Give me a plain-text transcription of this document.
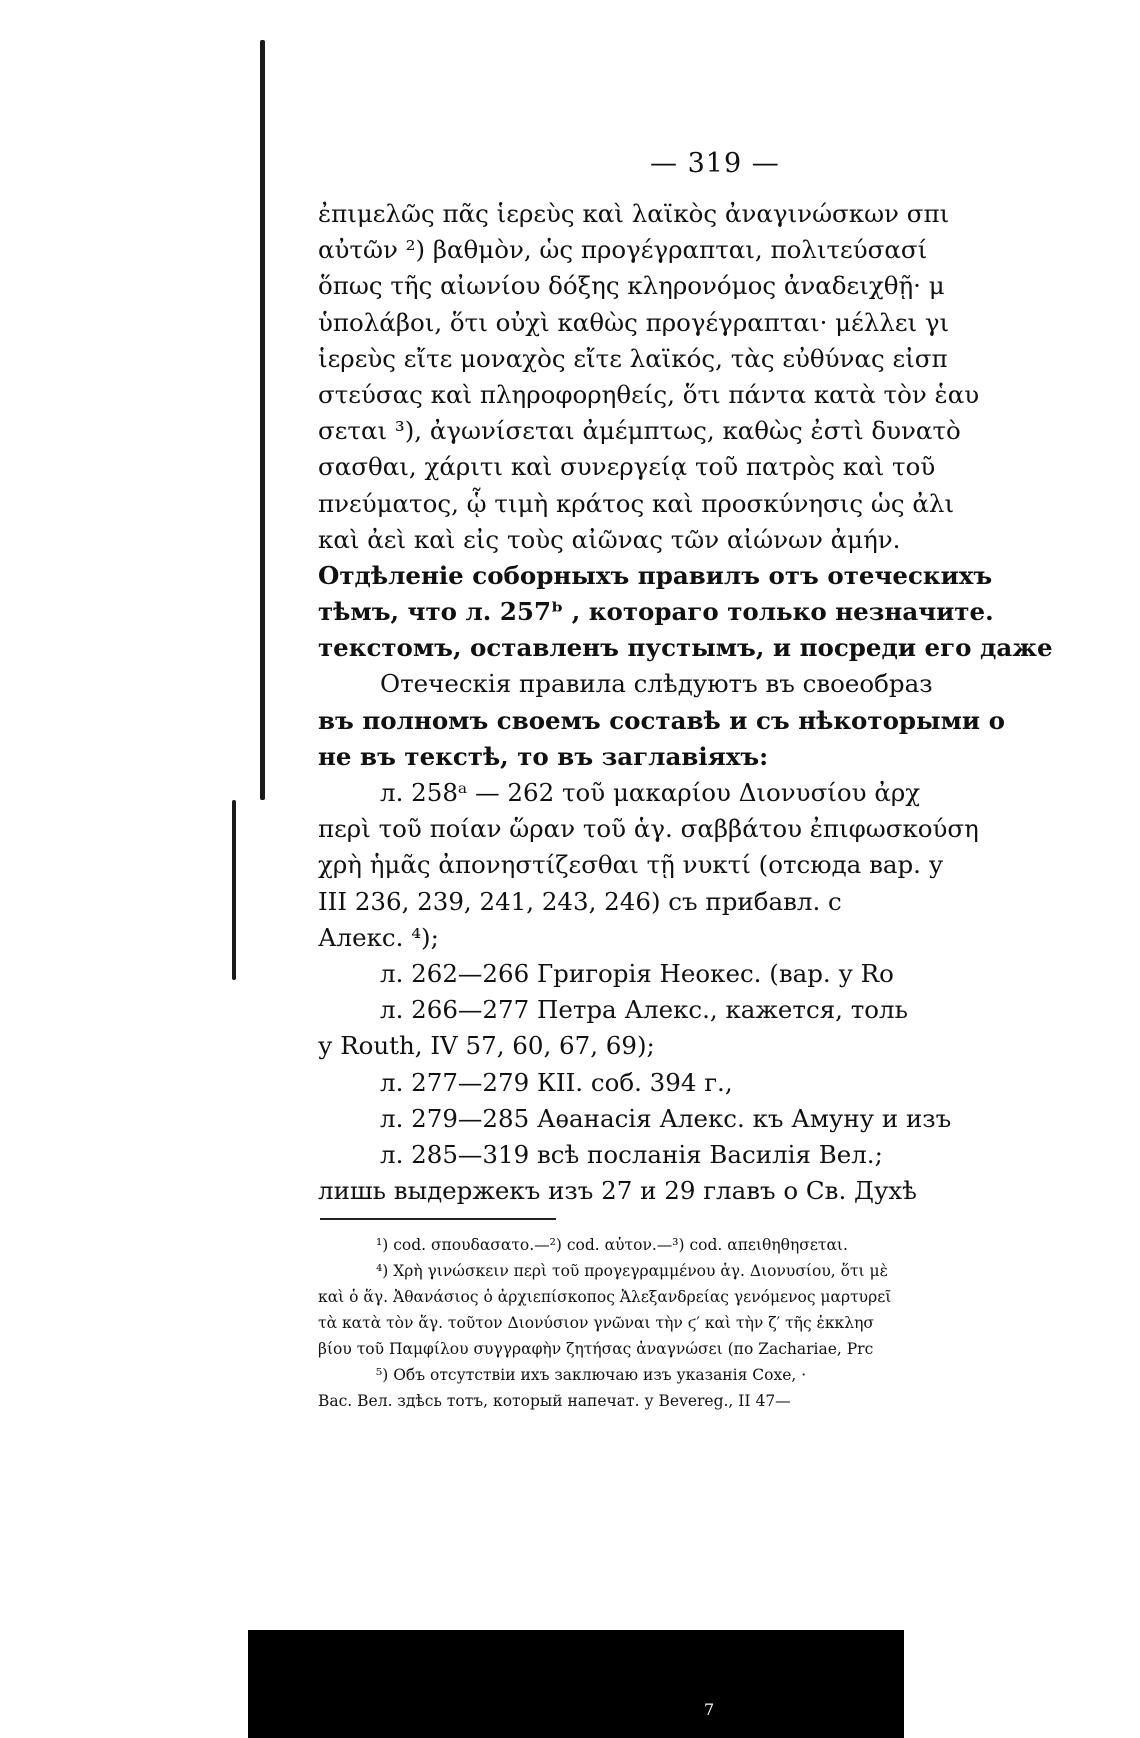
— 319 —
ἐπιμελῶς πᾶς ἱερεὺς καὶ λαϊκὸς ἀναγινώσκων σπι
αὐτῶν ²) βαθμὸν, ὡς προγέγραπται, πολιτεύσασί
ὅπως τῆς αἰωνίου δόξης κληρονόμος ἀναδειχθῇ· μ
ὑπολάβοι, ὅτι οὐχὶ καθὼς προγέγραπται· μέλλει γι
ἱερεὺς εἴτε μοναχὸς εἴτε λαϊκός, τὰς εὐθύνας εἰσπ
στεύσας καὶ πληροφορηθείς, ὅτι πάντα κατὰ τὸν ἑαυ
σεται ³), ἀγωνίσεται ἀμέμπτως, καθὼς ἐστὶ δυνατὸ
σασθαι, χάριτι καὶ συνεργείᾳ τοῦ πατρὸς καὶ τοῦ
πνεύματος, ᾧ τιμὴ κράτος καὶ προσκύνησις ὡς ἀλι
καὶ ἀεὶ καὶ εἰς τοὺς αἰῶνας τῶν αἰώνων ἀμήν.
Отдѣленіе соборныхъ правилъ отъ отеческихъ
тѣмъ, что л. 257ᵇ , котораго только незначите.
текстомъ, оставленъ пустымъ, и посреди его даже
Отеческія правила слѣдуютъ въ своеобраз
въ полномъ своемъ составѣ и съ нѣкоторыми о
не въ текстѣ, то въ заглавіяхъ:
л. 258ᵃ — 262 τοῦ μακαρίου Διονυσίου ἀρχ
περὶ τοῦ ποίαν ὥραν τοῦ ἁγ. σαββάτου ἐπιφωσκούση
χρὴ ἡμᾶς ἀπονηστίζεσθαι τῇ νυκτί (отсюда вар. у
III 236, 239, 241, 243, 246) съ прибавл. с
Алекс. ⁴);
л. 262—266 Григорія Неокес. (вар. у Ro
л. 266—277 Петра Алекс., кажется, толь
у Routh, IV 57, 60, 67, 69);
л. 277—279 КII. соб. 394 г.,
л. 279—285 Аѳанасія Алекс. къ Амуну и изъ
л. 285—319 всѣ посланія Василія Вел.;
лишь выдержекъ изъ 27 и 29 главъ о Св. Духѣ
¹) cod. σπουδασατο.—²) cod. αὐτον.—³) cod. απειθηθησεται.
⁴) Χρὴ γινώσκειν περὶ τοῦ προγεγραμμένου ἁγ. Διονυσίου, ὅτι μὲ
καὶ ὁ ἅγ. Ἀθανάσιος ὁ ἀρχιεπίσκοπος Ἀλεξανδρείας γενόμενος μαρτυρεῖ
τὰ κατὰ τὸν ἅγ. τοῦτον Διονύσιον γνῶναι τὴν ϛ′ καὶ τὴν ζ′ τῆς ἐκκλησ
βίου τοῦ Παμφίλου συγγραφὴν ζητήσας ἀναγνώσει (по Zachariae, Prc
⁵) Объ отсутствіи ихъ заключаю изъ указанія Coxe, ·
Вас. Вел. здѣсь тотъ, который напечат. у Beverеg., II 47—
7
